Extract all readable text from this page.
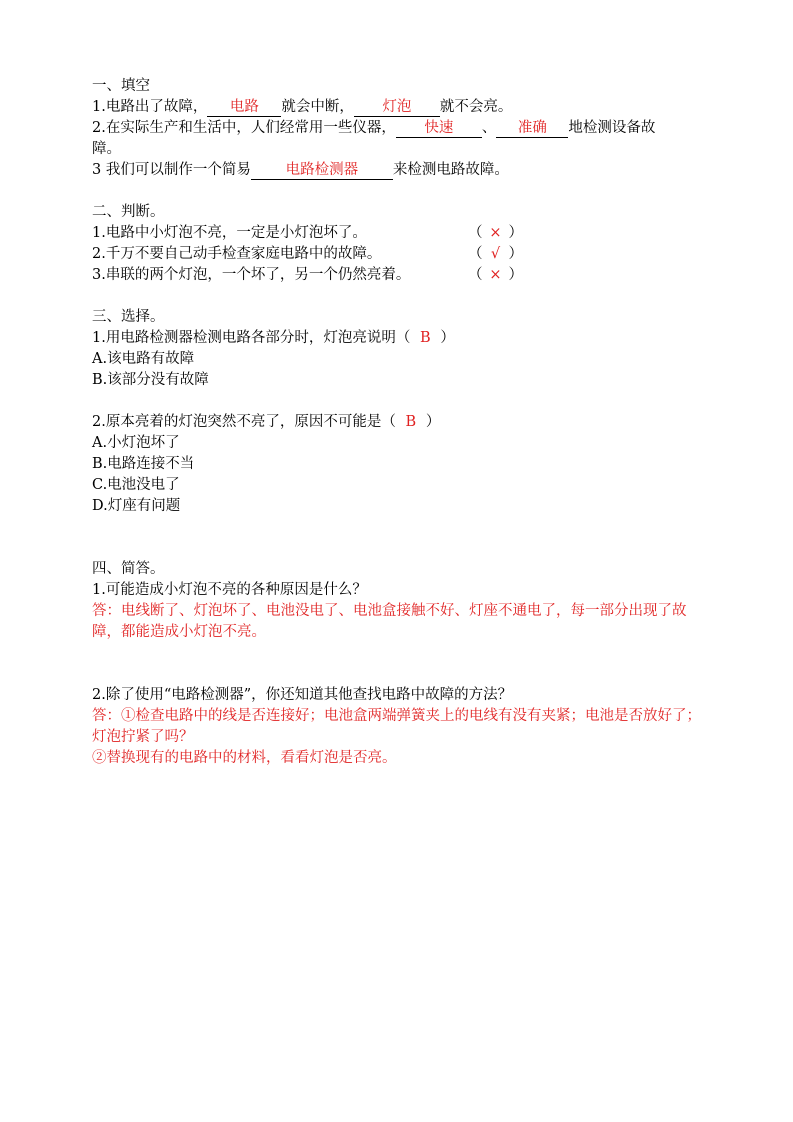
一、填空
1.电路出了故障， 电路 就会中断， 灯泡 就不会亮。
2.在实际生产和生活中，人们经常用一些仪器， 快速 、 准确 地检测设备故
障。
3 我们可以制作一个简易 电路检测器 来检测电路故障。
二、判断。
1.电路中小灯泡不亮，一定是小灯泡坏了。	（ × ）
2.千万不要自己动手检查家庭电路中的故障。	（ √ ）
3.串联的两个灯泡，一个坏了，另一个仍然亮着。	（ × ）
三、选择。
1.用电路检测器检测电路各部分时，灯泡亮说明（ B ）
A.该电路有故障
B.该部分没有故障
2.原本亮着的灯泡突然不亮了，原因不可能是（ B ）
A.小灯泡坏了
B.电路连接不当
C.电池没电了
D.灯座有问题
四、简答。
1.可能造成小灯泡不亮的各种原因是什么？
答：电线断了、灯泡坏了、电池没电了、电池盒接触不好、灯座不通电了，每一部分出现了故障，都能造成小灯泡不亮。
2.除了使用“电路检测器”，你还知道其他查找电路中故障的方法？
答：①检查电路中的线是否连接好；电池盒两端弹簧夹上的电线有没有夹紧；电池是否放好了；灯泡拧紧了吗？
②替换现有的电路中的材料，看看灯泡是否亮。
